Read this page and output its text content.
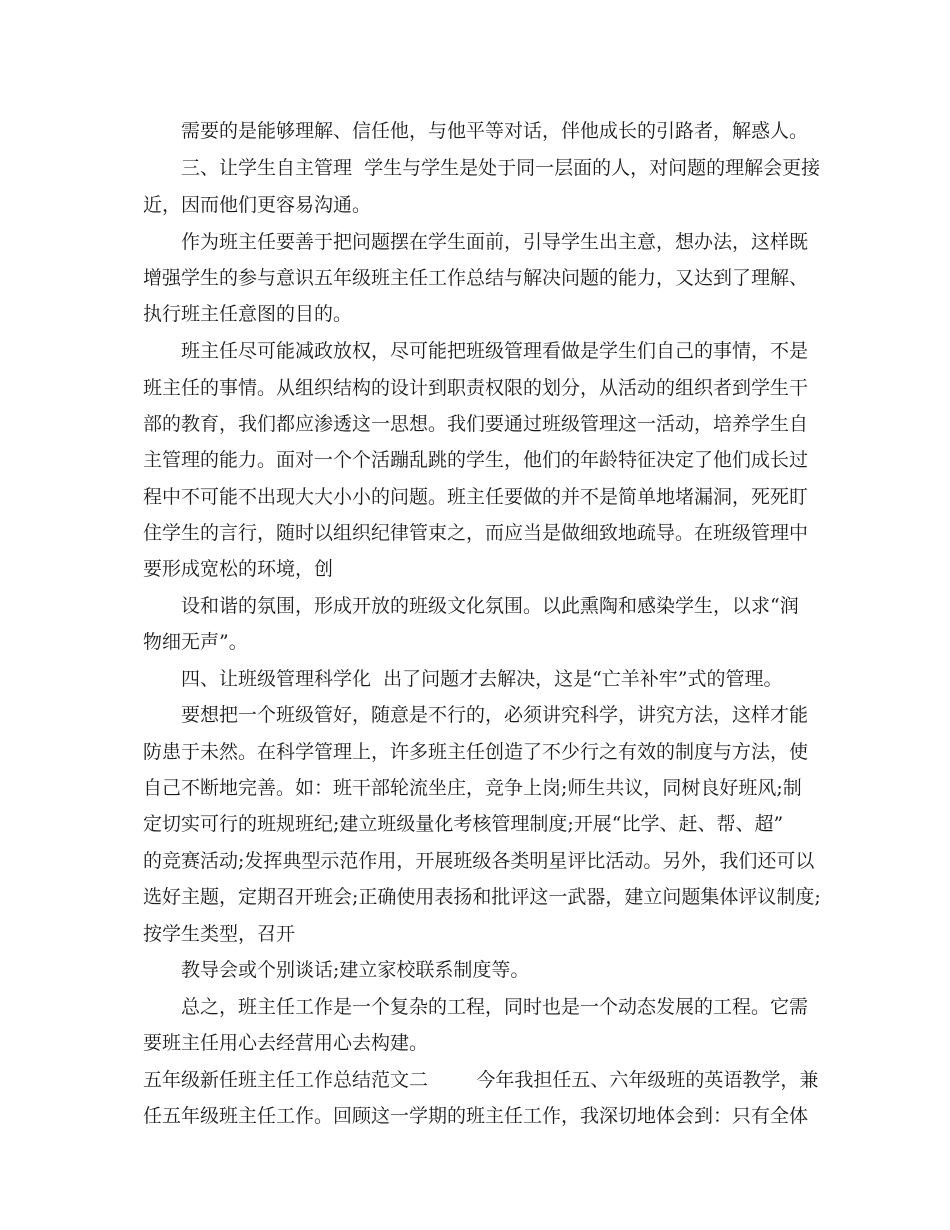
需要的是能够理解、信任他，与他平等对话，伴他成长的引路者，解惑人。
三、让学生自主管理  学生与学生是处于同一层面的人，对问题的理解会更接
近，因而他们更容易沟通。
作为班主任要善于把问题摆在学生面前，引导学生出主意，想办法，这样既
增强学生的参与意识五年级班主任工作总结与解决问题的能力，又达到了理解、
执行班主任意图的目的。
班主任尽可能减政放权，尽可能把班级管理看做是学生们自己的事情，不是
班主任的事情。从组织结构的设计到职责权限的划分，从活动的组织者到学生干
部的教育，我们都应渗透这一思想。我们要通过班级管理这一活动，培养学生自
主管理的能力。面对一个个活蹦乱跳的学生，他们的年龄特征决定了他们成长过
程中不可能不出现大大小小的问题。班主任要做的并不是简单地堵漏洞，死死盯
住学生的言行，随时以组织纪律管束之，而应当是做细致地疏导。在班级管理中
要形成宽松的环境，创
设和谐的氛围，形成开放的班级文化氛围。以此熏陶和感染学生，以求“润
物细无声”。
四、让班级管理科学化  出了问题才去解决，这是“亡羊补牢”式的管理。
要想把一个班级管好，随意是不行的，必须讲究科学，讲究方法，这样才能
防患于未然。在科学管理上，许多班主任创造了不少行之有效的制度与方法，使
自己不断地完善。如：班干部轮流坐庄，竞争上岗;师生共议，同树良好班风;制
定切实可行的班规班纪;建立班级量化考核管理制度;开展“比学、赶、帮、超”
的竞赛活动;发挥典型示范作用，开展班级各类明星评比活动。另外，我们还可以
选好主题，定期召开班会;正确使用表扬和批评这一武器，建立问题集体评议制度;
按学生类型，召开
教导会或个别谈话;建立家校联系制度等。
总之，班主任工作是一个复杂的工程，同时也是一个动态发展的工程。它需
要班主任用心去经营用心去构建。
五年级新任班主任工作总结范文二        今年我担任五、六年级班的英语教学，兼
任五年级班主任工作。回顾这一学期的班主任工作，我深切地体会到：只有全体
